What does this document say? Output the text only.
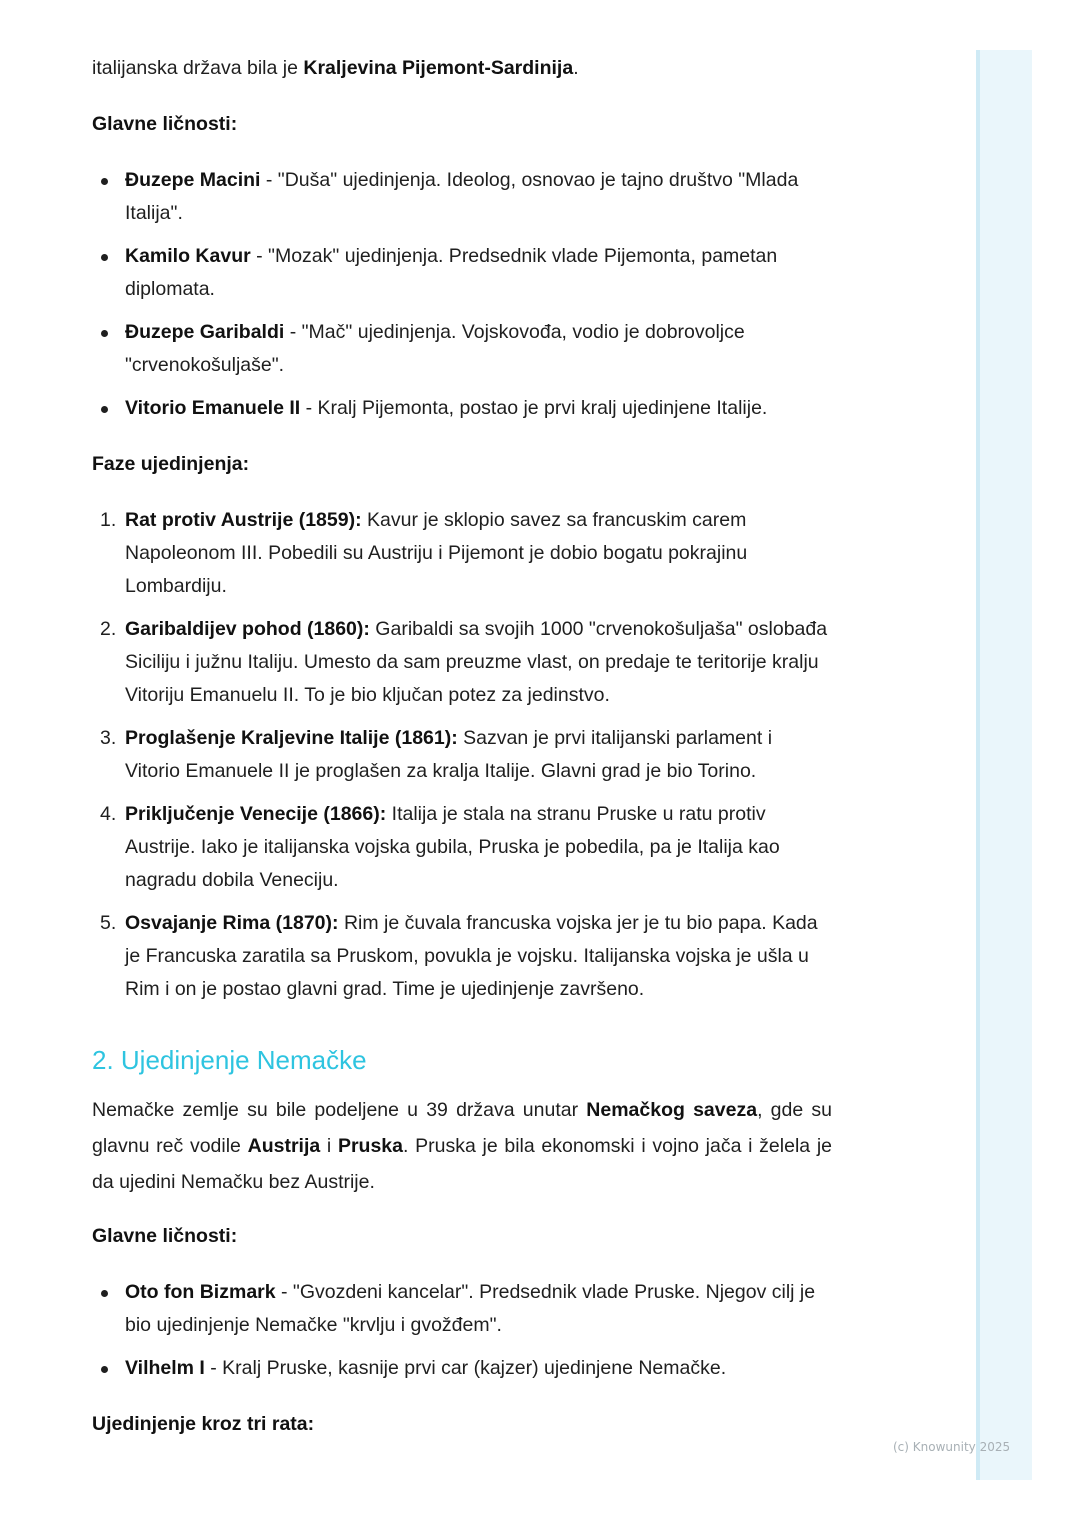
italijanska država bila je Kraljevina Pijemont-Sardinija.

Glavne ličnosti:

Đuzepe Macini - "Duša" ujedinjenja. Ideolog, osnovao je tajno društvo "Mlada Italija".
Kamilo Kavur - "Mozak" ujedinjenja. Predsednik vlade Pijemonta, pametan diplomata.
Đuzepe Garibaldi - "Mač" ujedinjenja. Vojskovođa, vodio je dobrovoljce "crvenokošuljaše".
Vitorio Emanuele II - Kralj Pijemonta, postao je prvi kralj ujedinjene Italije.

Faze ujedinjenja:

1. Rat protiv Austrije (1859): Kavur je sklopio savez sa francuskim carem Napoleonom III. Pobedili su Austriju i Pijemont je dobio bogatu pokrajinu Lombardiju.
2. Garibaldijev pohod (1860): Garibaldi sa svojih 1000 "crvenokošuljaša" oslobađa Siciliju i južnu Italiju. Umesto da sam preuzme vlast, on predaje te teritorije kralju Vitoriju Emanuelu II. To je bio ključan potez za jedinstvo.
3. Proglašenje Kraljevine Italije (1861): Sazvan je prvi italijanski parlament i Vitorio Emanuele II je proglašen za kralja Italije. Glavni grad je bio Torino.
4. Priključenje Venecije (1866): Italija je stala na stranu Pruske u ratu protiv Austrije. Iako je italijanska vojska gubila, Pruska je pobedila, pa je Italija kao nagradu dobila Veneciju.
5. Osvajanje Rima (1870): Rim je čuvala francuska vojska jer je tu bio papa. Kada je Francuska zaratila sa Pruskom, povukla je vojsku. Italijanska vojska je ušla u Rim i on je postao glavni grad. Time je ujedinjenje završeno.
2. Ujedinjenje Nemačke

Nemačke zemlje su bile podeljene u 39 država unutar Nemačkog saveza, gde su glavnu reč vodile Austrija i Pruska. Pruska je bila ekonomski i vojno jača i želela je da ujedini Nemačku bez Austrije.

Glavne ličnosti:

Oto fon Bizmark - "Gvozdeni kancelar". Predsednik vlade Pruske. Njegov cilj je bio ujedinjenje Nemačke "krvlju i gvožđem".
Vilhelm I - Kralj Pruske, kasnije prvi car (kajzer) ujedinjene Nemačke.

Ujedinjenje kroz tri rata:

(c) Knowunity 2025
